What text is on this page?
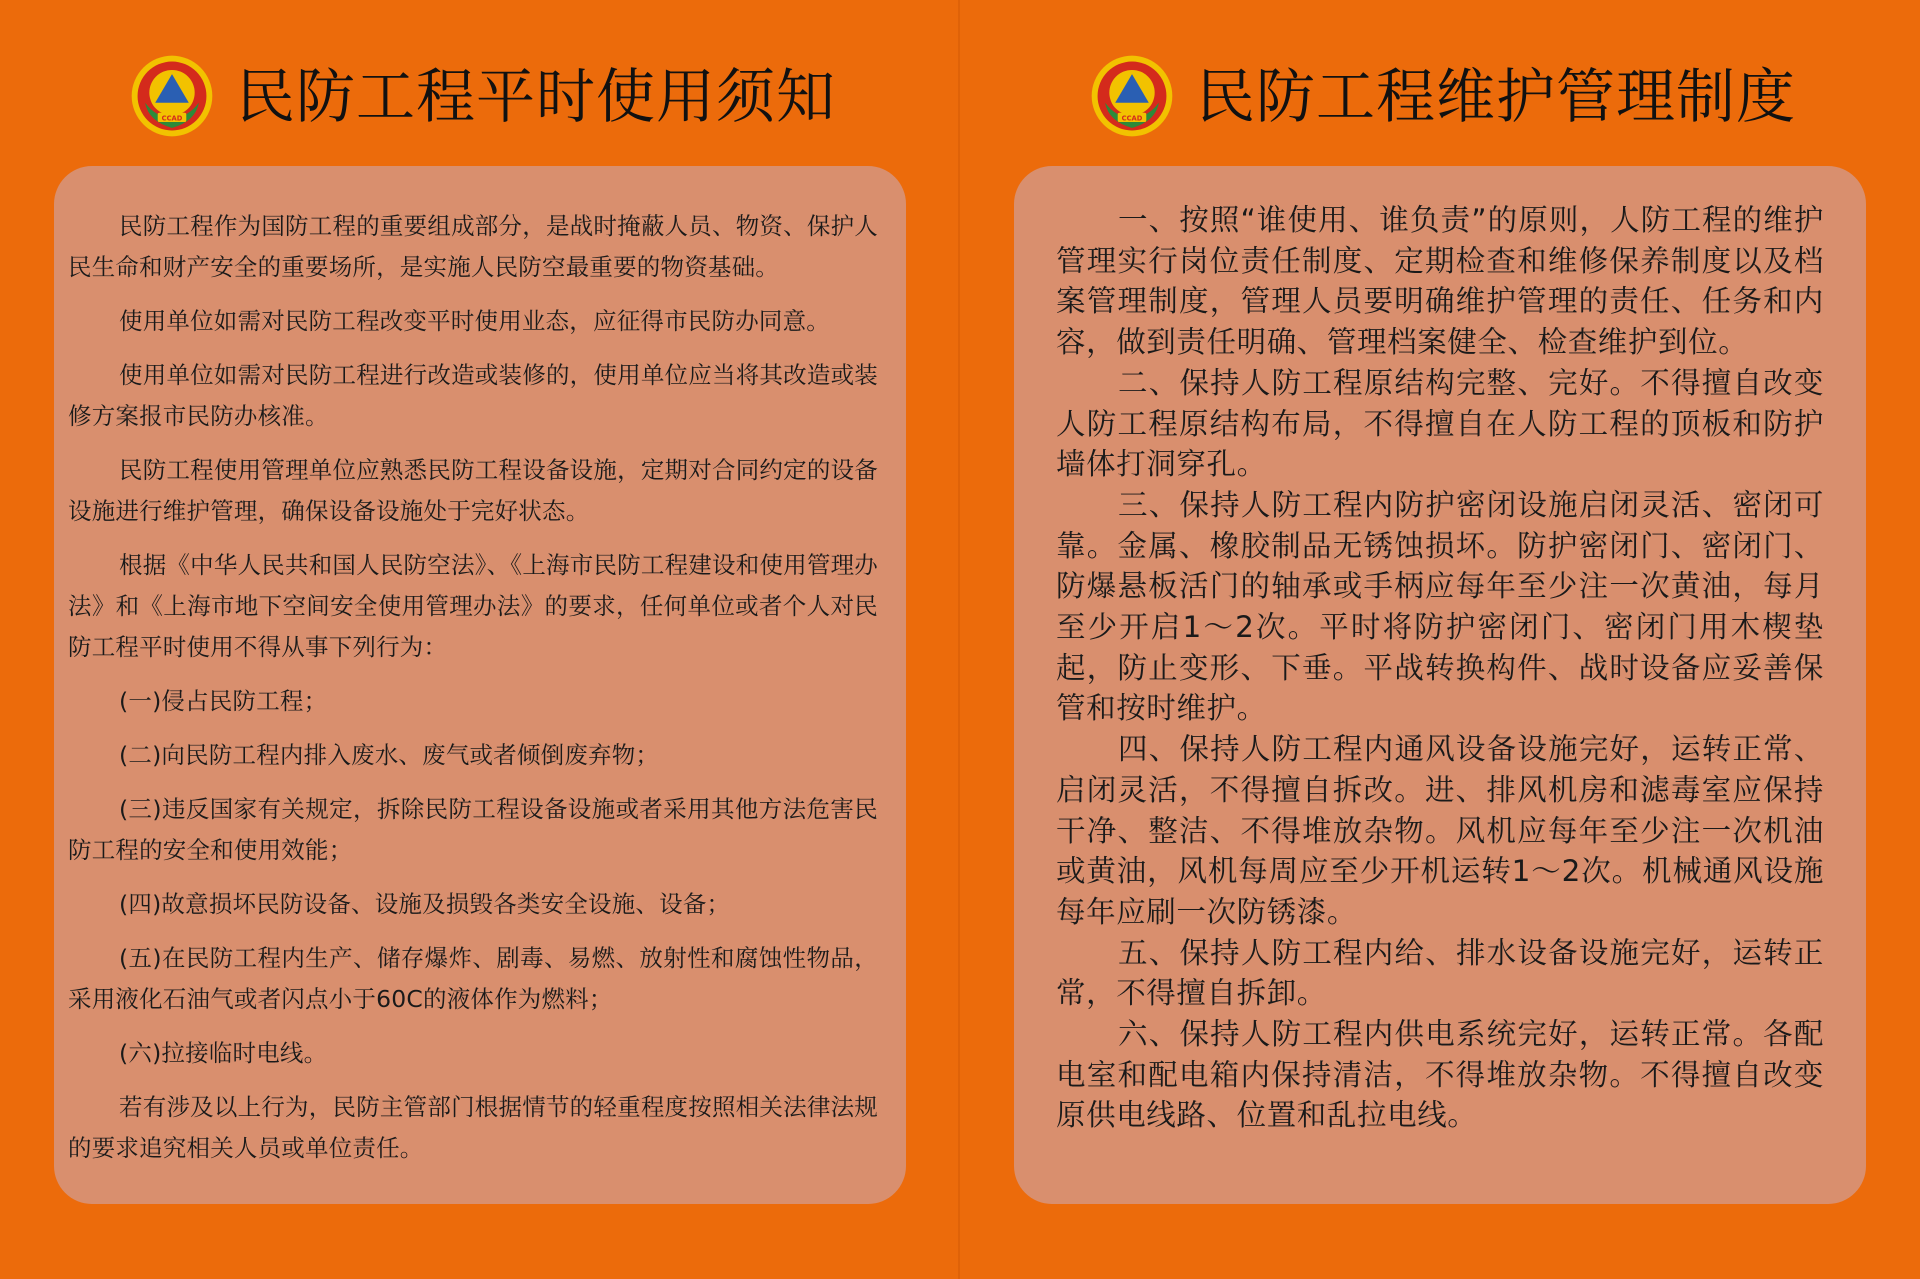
CCAD 民防工程平时使用须知

民防工程作为国防工程的重要组成部分，是战时掩蔽人员、物资、保护人民生命和财产安全的重要场所，是实施人民防空最重要的物资基础。

使用单位如需对民防工程改变平时使用业态，应征得市民防办同意。

使用单位如需对民防工程进行改造或装修的，使用单位应当将其改造或装修方案报市民防办核准。

民防工程使用管理单位应熟悉民防工程设备设施，定期对合同约定的设备设施进行维护管理，确保设备设施处于完好状态。

根据《中华人民共和国人民防空法》、《上海市民防工程建设和使用管理办法》和《上海市地下空间安全使用管理办法》的要求，任何单位或者个人对民防工程平时使用不得从事下列行为：

(一)侵占民防工程；

(二)向民防工程内排入废水、废气或者倾倒废弃物；

(三)违反国家有关规定，拆除民防工程设备设施或者采用其他方法危害民防工程的安全和使用效能；

(四)故意损坏民防设备、设施及损毁各类安全设施、设备；

(五)在民防工程内生产、储存爆炸、剧毒、易燃、放射性和腐蚀性物品，采用液化石油气或者闪点小于60C的液体作为燃料；

(六)拉接临时电线。

若有涉及以上行为，民防主管部门根据情节的轻重程度按照相关法律法规的要求追究相关人员或单位责任。

CCAD 民防工程维护管理制度

一、按照“谁使用、谁负责”的原则，人防工程的维护管理实行岗位责任制度、定期检查和维修保养制度以及档案管理制度，管理人员要明确维护管理的责任、任务和内容，做到责任明确、管理档案健全、检查维护到位。

二、保持人防工程原结构完整、完好。不得擅自改变人防工程原结构布局，不得擅自在人防工程的顶板和防护墙体打洞穿孔。

三、保持人防工程内防护密闭设施启闭灵活、密闭可靠。金属、橡胶制品无锈蚀损坏。防护密闭门、密闭门、防爆悬板活门的轴承或手柄应每年至少注一次黄油，每月至少开启1～2次。平时将防护密闭门、密闭门用木楔垫起，防止变形、下垂。平战转换构件、战时设备应妥善保管和按时维护。

四、保持人防工程内通风设备设施完好，运转正常、启闭灵活，不得擅自拆改。进、排风机房和滤毒室应保持干净、整洁、不得堆放杂物。风机应每年至少注一次机油或黄油，风机每周应至少开机运转1～2次。机械通风设施每年应刷一次防锈漆。

五、保持人防工程内给、排水设备设施完好，运转正常，不得擅自拆卸。

六、保持人防工程内供电系统完好，运转正常。各配电室和配电箱内保持清洁，不得堆放杂物。不得擅自改变原供电线路、位置和乱拉电线。
